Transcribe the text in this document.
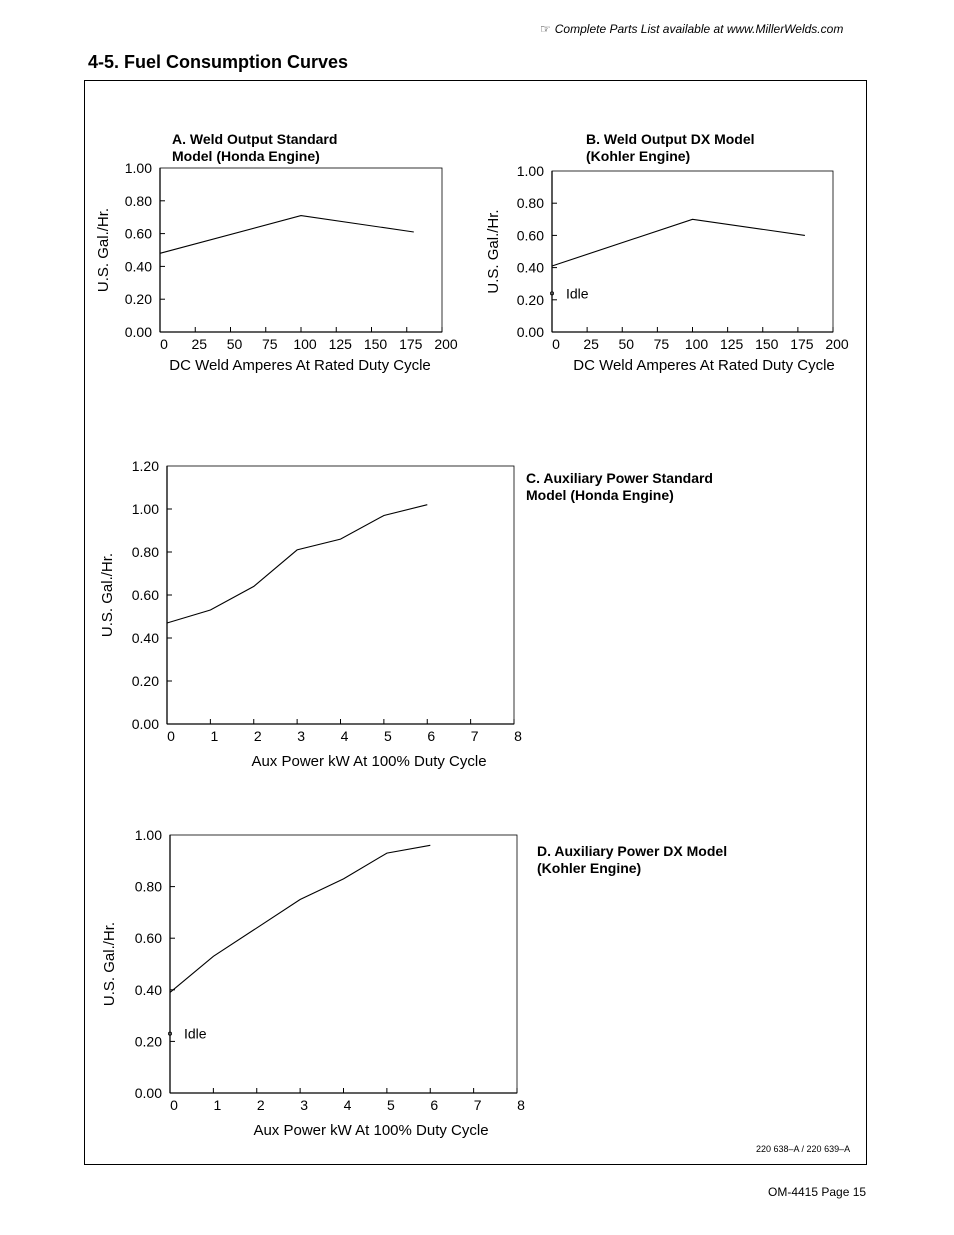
☞ Complete Parts List available at www.MillerWelds.com
4-5. Fuel Consumption Curves
A. Weld Output Standard
Model (Honda Engine)
B. Weld Output DX Model
(Kohler Engine)
C. Auxiliary Power Standard
Model (Honda Engine)
D. Auxiliary Power DX Model
(Kohler Engine)
0 25 50 75 100 125 150 175 200
0.00
0.20
0.40
0.60
0.80
1.00
DC Weld Amperes At Rated Duty Cycle
U.S. Gal./Hr.
0 25 50 75 100 125 150 175 200
0.00
0.20
0.40
0.60
0.80
1.00
DC Weld Amperes At Rated Duty Cycle
U.S. Gal./Hr.	Idle
0	1	2	3	4	5	6	7	8
0.00
0.20
0.40
0.60
0.80
1.00
1.20
Aux Power kW At 100% Duty Cycle
U.S. Gal./Hr.
0	1	2	3	4	5	6	7	8
0.00
0.20
0.40
0.60
0.80
1.00
Aux Power kW At 100% Duty Cycle
U.S. Gal./Hr.
Idle
220 638–A / 220 639–A
OM-4415 Page 15
